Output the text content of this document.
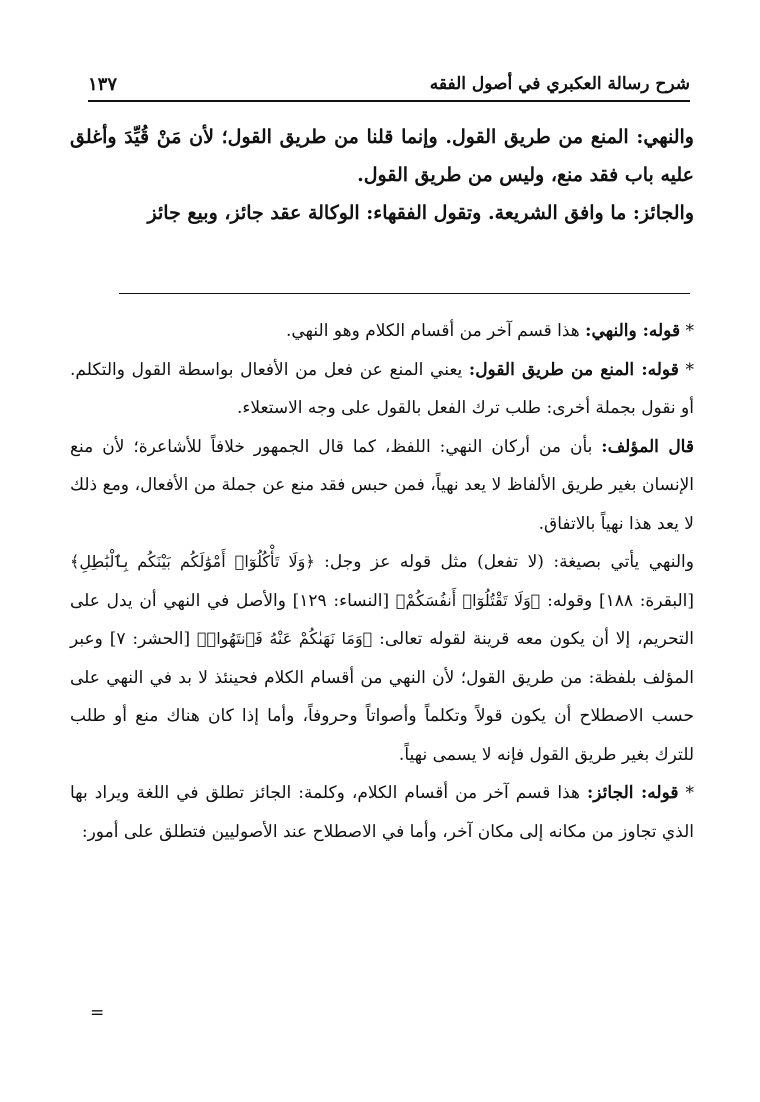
شرح رسالة العكبري في أصول الفقه
١٣٧

والنهي: المنع من طريق القول. وإنما قلنا من طريق القول؛ لأن مَنْ قُيِّدَ وأغلق عليه باب فقد منع، وليس من طريق القول.

والجائز: ما وافق الشريعة. وتقول الفقهاء: الوكالة عقد جائز، وبيع جائز

* قوله: والنهي: هذا قسم آخر من أقسام الكلام وهو النهي.

* قوله: المنع من طريق القول: يعني المنع عن فعل من الأفعال بواسطة القول والتكلم. أو نقول بجملة أخرى: طلب ترك الفعل بالقول على وجه الاستعلاء.

قال المؤلف: بأن من أركان النهي: اللفظ، كما قال الجمهور خلافاً للأشاعرة؛ لأن منع الإنسان بغير طريق الألفاظ لا يعد نهياً، فمن حبس فقد منع عن جملة من الأفعال، ومع ذلك لا يعد هذا نهياً بالاتفاق.

والنهي يأتي بصيغة: (لا تفعل) مثل قوله عز وجل: ﴿وَلَا تَأْكُلُوٓا۟ أَمْوَٰلَكُم بَيْنَكُم بِٱلْبَٰطِلِ﴾ [البقرة: ١٨٨] وقوله: ﴿وَلَا تَقْتُلُوٓا۟ أَنفُسَكُمْ﴾ [النساء: ١٢٩] والأصل في النهي أن يدل على التحريم، إلا أن يكون معه قرينة لقوله تعالى: ﴿وَمَا نَهَىٰكُمْ عَنْهُ فَٱنتَهُوا۟﴾ [الحشر: ٧] وعبر المؤلف بلفظة: من طريق القول؛ لأن النهي من أقسام الكلام فحينئذ لا بد في النهي على حسب الاصطلاح أن يكون قولاً وتكلماً وأصواتاً وحروفاً، وأما إذا كان هناك منع أو طلب للترك بغير طريق القول فإنه لا يسمى نهياً.

* قوله: الجائز: هذا قسم آخر من أقسام الكلام، وكلمة: الجائز تطلق في اللغة ويراد بها الذي تجاوز من مكانه إلى مكان آخر، وأما في الاصطلاح عند الأصوليين فتطلق على أمور:

=
